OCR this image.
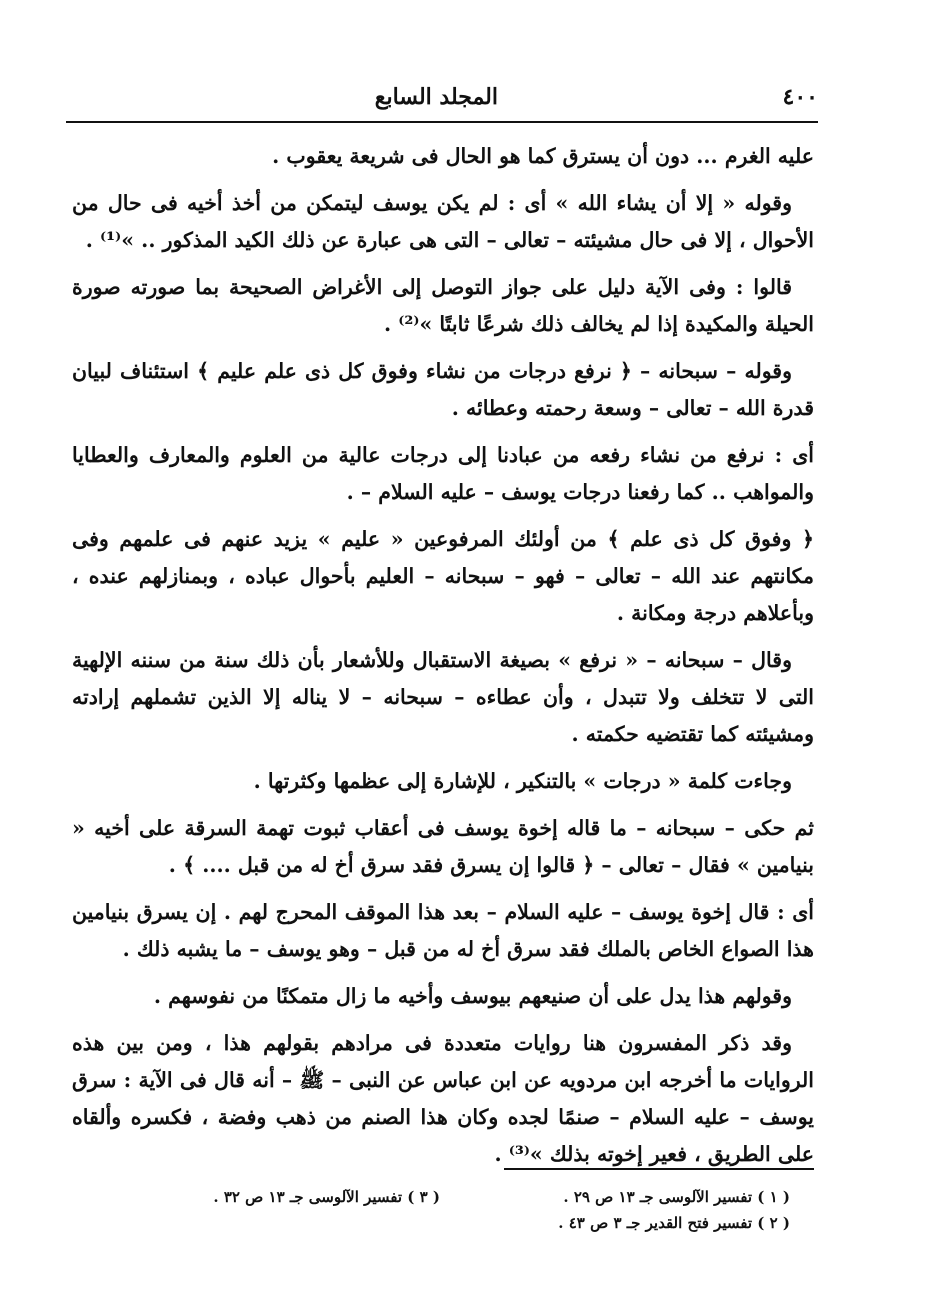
٤٠٠
المجلد السابع

عليه الغرم ... دون أن يسترق كما هو الحال فى شريعة يعقوب .

وقوله « إلا أن يشاء الله » أى : لم يكن يوسف ليتمكن من أخذ أخيه فى حال من الأحوال ، إلا فى حال مشيئته – تعالى – التى هى عبارة عن ذلك الكيد المذكور .. »⁽¹⁾ .

قالوا : وفى الآية دليل على جواز التوصل إلى الأغراض الصحيحة بما صورته صورة الحيلة والمكيدة إذا لم يخالف ذلك شرعًا ثابتًا »⁽²⁾ .

وقوله – سبحانه – ﴿ نرفع درجات من نشاء وفوق كل ذى علم عليم ﴾ استئناف لبيان قدرة الله – تعالى – وسعة رحمته وعطائه .

أى : نرفع من نشاء رفعه من عبادنا إلى درجات عالية من العلوم والمعارف والعطايا والمواهب .. كما رفعنا درجات يوسف – عليه السلام – .

﴿ وفوق كل ذى علم ﴾ من أولئك المرفوعين « عليم » يزيد عنهم فى علمهم وفى مكانتهم عند الله – تعالى – فهو – سبحانه – العليم بأحوال عباده ، وبمنازلهم عنده ، وبأعلاهم درجة ومكانة .

وقال – سبحانه – « نرفع » بصيغة الاستقبال وللأشعار بأن ذلك سنة من سننه الإلهية التى لا تتخلف ولا تتبدل ، وأن عطاءه – سبحانه – لا يناله إلا الذين تشملهم إرادته ومشيئته كما تقتضيه حكمته .

وجاءت كلمة « درجات » بالتنكير ، للإشارة إلى عظمها وكثرتها .

ثم حكى – سبحانه – ما قاله إخوة يوسف فى أعقاب ثبوت تهمة السرقة على أخيه « بنيامين » فقال – تعالى – ﴿ قالوا إن يسرق فقد سرق أخ له من قبل .... ﴾ .

أى : قال إخوة يوسف – عليه السلام – بعد هذا الموقف المحرج لهم . إن يسرق بنيامين هذا الصواع الخاص بالملك فقد سرق أخ له من قبل – وهو يوسف – ما يشبه ذلك .

وقولهم هذا يدل على أن صنيعهم بيوسف وأخيه ما زال متمكنًا من نفوسهم .

وقد ذكر المفسرون هنا روايات متعددة فى مرادهم بقولهم هذا ، ومن بين هذه الروايات ما أخرجه ابن مردويه عن ابن عباس عن النبى – ﷺ – أنه قال فى الآية : سرق يوسف – عليه السلام – صنمًا لجده وكان هذا الصنم من ذهب وفضة ، فكسره وألقاه على الطريق ، فعير إخوته بذلك »⁽³⁾ .

( ١ ) تفسير الآلوسى جـ ١٣ ص ٢٩ .
( ٢ ) تفسير فتح القدير جـ ٣ ص ٤٣ .
( ٣ ) تفسير الآلوسى جـ ١٣ ص ٣٢ .
